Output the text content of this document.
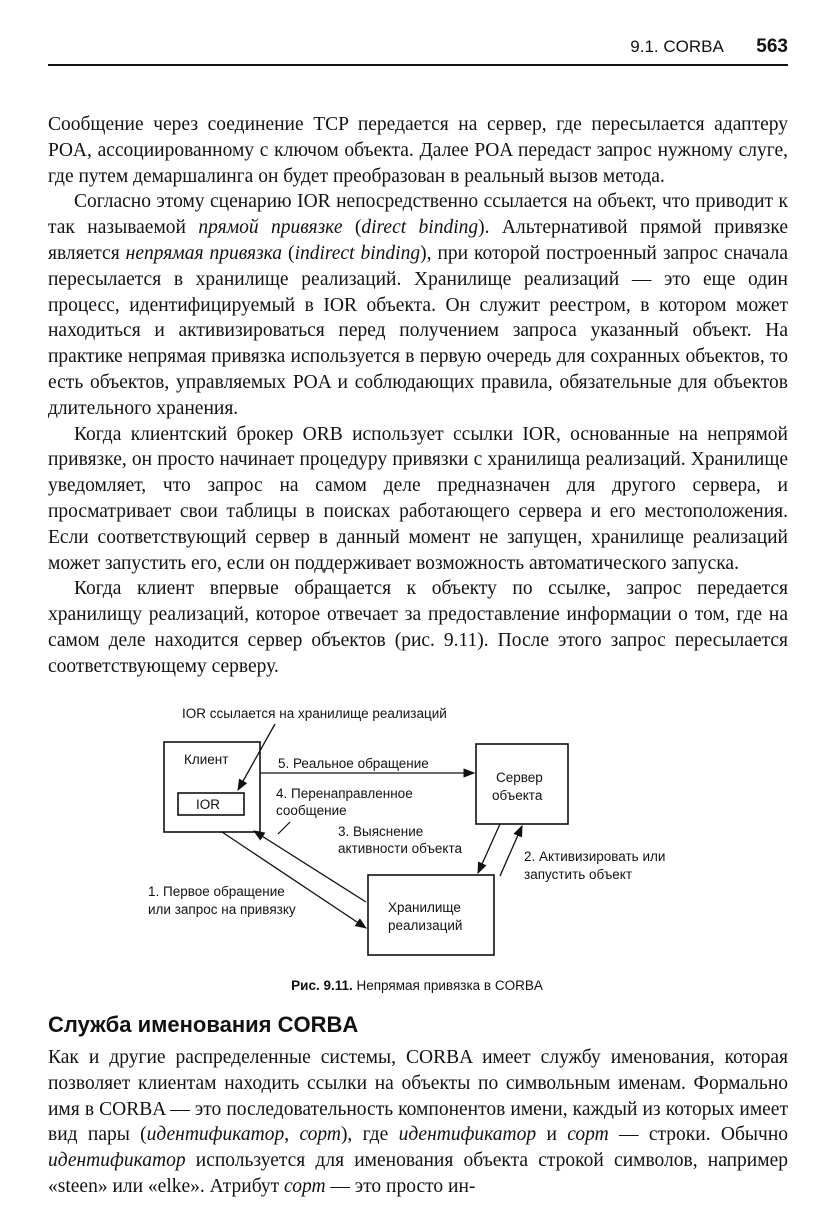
9.1. CORBA 563

Сообщение через соединение TCP передается на сервер, где пересылается адаптеру POA, ассоциированному с ключом объекта. Далее POA передаст запрос нужному слуге, где путем демаршалинга он будет преобразован в реальный вызов метода.

Согласно этому сценарию IOR непосредственно ссылается на объект, что приводит к так называемой прямой привязке (direct binding). Альтернативой прямой привязке является непрямая привязка (indirect binding), при которой построенный запрос сначала пересылается в хранилище реализаций. Хранилище реализаций — это еще один процесс, идентифицируемый в IOR объекта. Он служит реестром, в котором может находиться и активизироваться перед получением запроса указанный объект. На практике непрямая привязка используется в первую очередь для сохранных объектов, то есть объектов, управляемых POA и соблюдающих правила, обязательные для объектов длительного хранения.

Когда клиентский брокер ORB использует ссылки IOR, основанные на непрямой привязке, он просто начинает процедуру привязки с хранилища реализаций. Хранилище уведомляет, что запрос на самом деле предназначен для другого сервера, и просматривает свои таблицы в поисках работающего сервера и его местоположения. Если соответствующий сервер в данный момент не запущен, хранилище реализаций может запустить его, если он поддерживает возможность автоматического запуска.

Когда клиент впервые обращается к объекту по ссылке, запрос передается хранилищу реализаций, которое отвечает за предоставление информации о том, где на самом деле находится сервер объектов (рис. 9.11). После этого запрос пересылается соответствующему серверу.

IOR ссылается на хранилище реализаций
Клиент
IOR
Сервер
объекта
Хранилище
реализаций
5. Реальное обращение
4. Перенаправленное
сообщение
3. Выяснение
активности объекта
1. Первое обращение
или запрос на привязку
2. Активизировать или
запустить объект
Рис. 9.11. Непрямая привязка в CORBA
Служба именования CORBA

Как и другие распределенные системы, CORBA имеет службу именования, которая позволяет клиентам находить ссылки на объекты по символьным именам. Формально имя в CORBA — это последовательность компонентов имени, каждый из которых имеет вид пары (идентификатор, сорт), где идентификатор и сорт — строки. Обычно идентификатор используется для именования объекта строкой символов, например «steen» или «elke». Атрибут сорт — это просто ин-
